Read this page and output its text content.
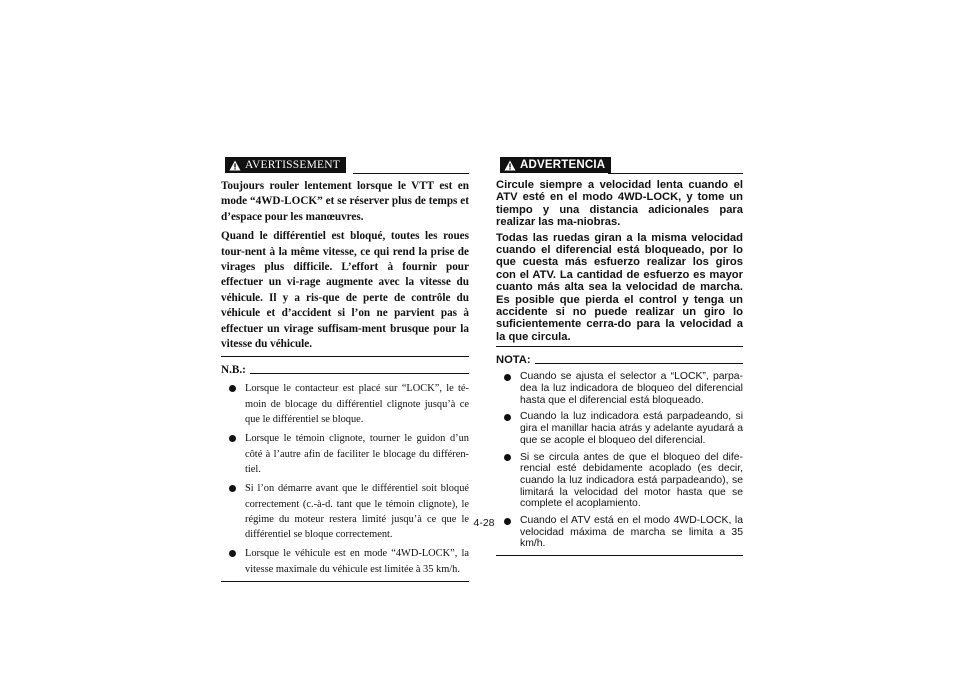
AVERTISSEMENT

Toujours rouler lentement lorsque le VTT est en mode “4WD-LOCK” et se réserver plus de temps et d’espace pour les manœuvres.

Quand le différentiel est bloqué, toutes les roues tour-nent à la même vitesse, ce qui rend la prise de virages plus difficile. L’effort à fournir pour effectuer un vi-rage augmente avec la vitesse du véhicule. Il y a ris-que de perte de contrôle du véhicule et d’accident si l’on ne parvient pas à effectuer un virage suffisam-ment brusque pour la vitesse du véhicule.

N.B.:
Lorsque le contacteur est placé sur “LOCK”, le té-moin de blocage du différentiel clignote jusqu’à ce que le différentiel se bloque.
Lorsque le témoin clignote, tourner le guidon d’un côté à l’autre afin de faciliter le blocage du différen-tiel.
Si l’on démarre avant que le différentiel soit bloqué correctement (c.-à-d. tant que le témoin clignote), le régime du moteur restera limité jusqu’à ce que le différentiel se bloque correctement.
Lorsque le véhicule est en mode “4WD-LOCK”, la vitesse maximale du véhicule est limitée à 35 km/h.
ADVERTENCIA

Circule siempre a velocidad lenta cuando el ATV esté en el modo 4WD-LOCK, y tome un tiempo y una distancia adicionales para realizar las ma-niobras.

Todas las ruedas giran a la misma velocidad cuando el diferencial está bloqueado, por lo que cuesta más esfuerzo realizar los giros con el ATV. La cantidad de esfuerzo es mayor cuanto más alta sea la velocidad de marcha. Es posible que pierda el control y tenga un accidente si no puede realizar un giro lo suficientemente cerra-do para la velocidad a la que circula.

NOTA:
Cuando se ajusta el selector a “LOCK”, parpa-dea la luz indicadora de bloqueo del diferencial hasta que el diferencial está bloqueado.
Cuando la luz indicadora está parpadeando, si gira el manillar hacia atrás y adelante ayudará a que se acople el bloqueo del diferencial.
Si se circula antes de que el bloqueo del dife-rencial esté debidamente acoplado (es decir, cuando la luz indicadora está parpadeando), se limitará la velocidad del motor hasta que se complete el acoplamiento.
Cuando el ATV está en el modo 4WD-LOCK, la velocidad máxima de marcha se limita a 35 km/h.
4-28
